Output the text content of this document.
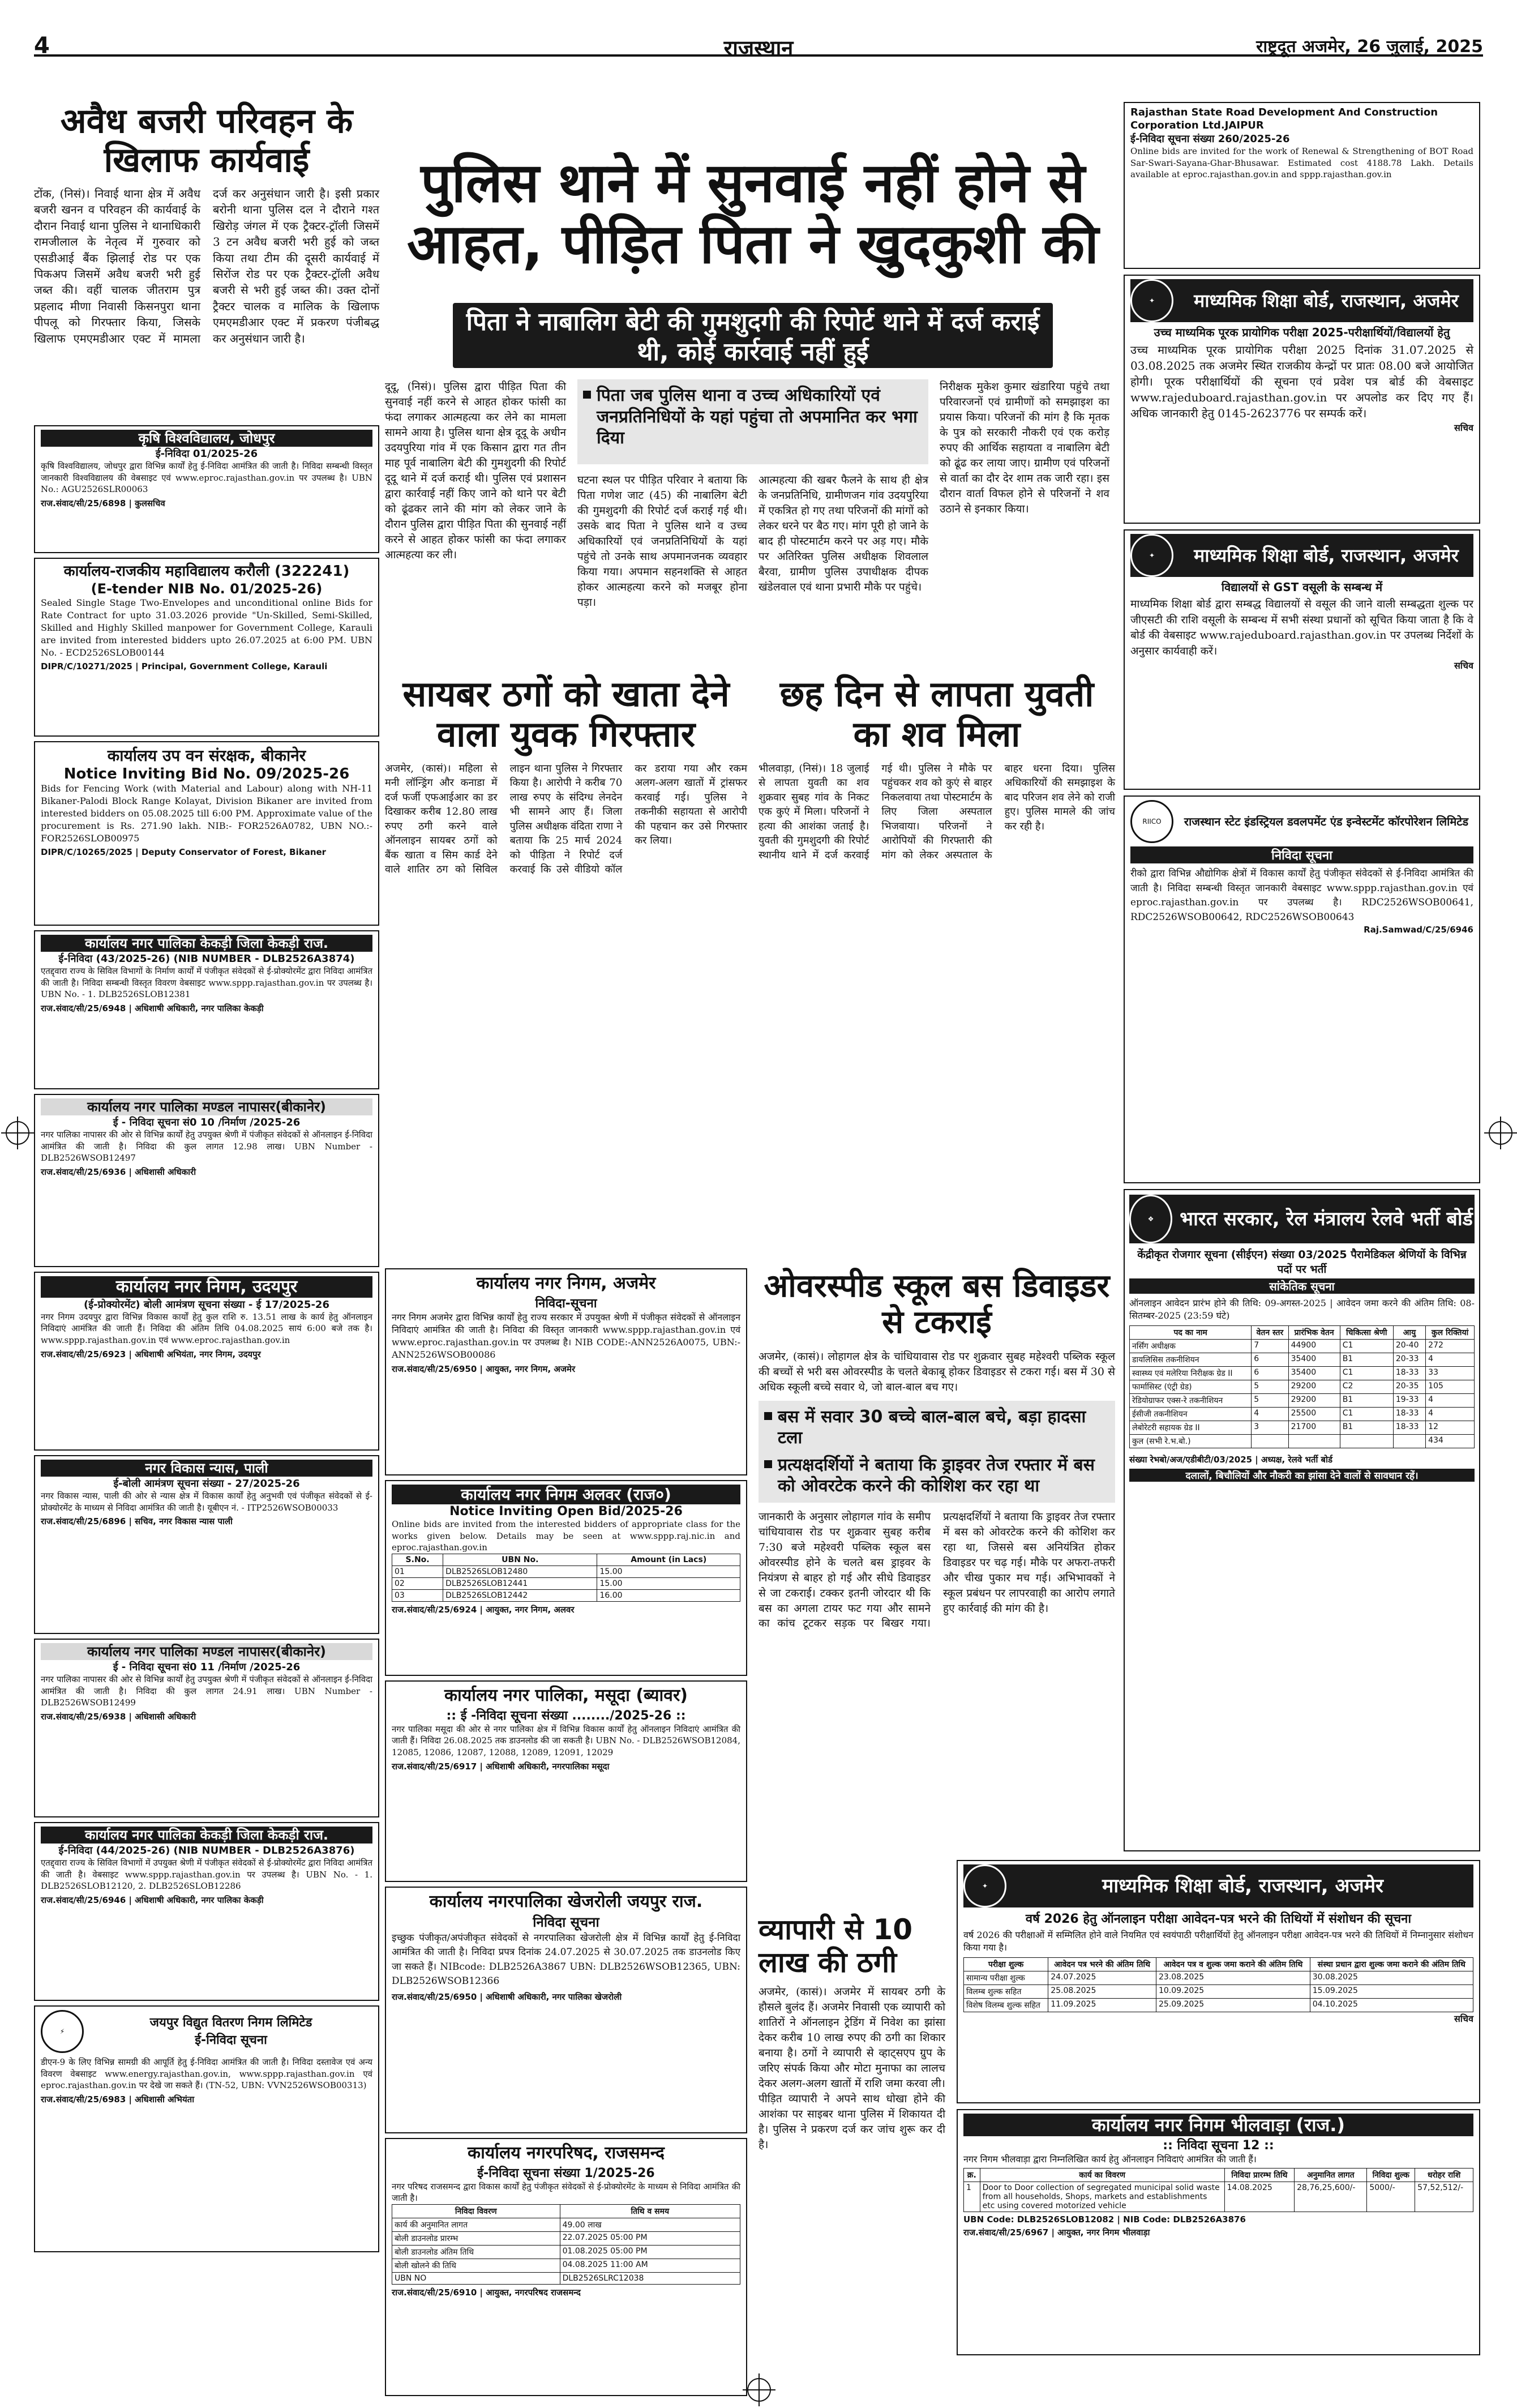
4	राजस्थान	राष्ट्रदूत अजमेर, 26 जुलाई, 2025
अवैध बजरी परिवहन के खिलाफ कार्यवाई
टोंक, (निसं)। निवाई थाना क्षेत्र में अवैध बजरी खनन व परिवहन की कार्यवाई के दौरान निवाई थाना पुलिस ने थानाधिकारी रामजीलाल के नेतृत्व में गुरुवार को एसडीआई बैंक झिलाई रोड पर एक पिकअप जिसमें अवैध बजरी भरी हुई जब्त की। वहीं चालक जीतराम पुत्र प्रहलाद मीणा निवासी किसनपुरा थाना पीपलू को गिरफ्तार किया, जिसके खिलाफ एमएमडीआर एक्ट में मामला दर्ज कर अनुसंधान जारी है। इसी प्रकार बरोनी थाना पुलिस दल ने दौराने गश्त खिरोड़ जंगल में एक ट्रैक्टर-ट्रॉली जिसमें 3 टन अवैध बजरी भरी हुई को जब्त किया तथा टीम की दूसरी कार्यवाई में सिरोंज रोड पर एक ट्रैक्टर-ट्रॉली अवैध बजरी से भरी हुई जब्त की। उक्त दोनों ट्रैक्टर चालक व मालिक के खिलाफ एमएमडीआर एक्ट में प्रकरण पंजीबद्ध कर अनुसंधान जारी है।
कृषि विश्वविद्यालय, जोधपुर
ई-निविदा 01/2025-26
कृषि विश्वविद्यालय, जोधपुर द्वारा विभिन्न कार्यों हेतु ई-निविदा आमंत्रित की जाती है। निविदा सम्बन्धी विस्तृत जानकारी विश्वविद्यालय की वेबसाइट एवं www.eproc.rajasthan.gov.in पर उपलब्ध है। UBN No.: AGU2526SLR00063
राज.संवाद/सी/25/6898 | कुलसचिव
कार्यालय-राजकीय महाविद्यालय करौली (322241)
(E-tender NIB No. 01/2025-26)
Sealed Single Stage Two-Envelopes and unconditional online Bids for Rate Contract for upto 31.03.2026 provide "Un-Skilled, Semi-Skilled, Skilled and Highly Skilled manpower for Government College, Karauli are invited from interested bidders upto 26.07.2025 at 6:00 PM. UBN No. - ECD2526SLOB00144
DIPR/C/10271/2025 | Principal, Government College, Karauli
कार्यालय उप वन संरक्षक, बीकानेर
Notice Inviting Bid No. 09/2025-26
Bids for Fencing Work (with Material and Labour) along with NH-11 Bikaner-Palodi Block Range Kolayat, Division Bikaner are invited from interested bidders on 05.08.2025 till 6:00 PM. Approximate value of the procurement is Rs. 271.90 lakh. NIB:- FOR2526A0782, UBN NO.:- FOR2526SLOB00975
DIPR/C/10265/2025 | Deputy Conservator of Forest, Bikaner
कार्यालय नगर पालिका केकड़ी जिला केकड़ी राज.
ई-निविदा (43/2025-26) (NIB NUMBER - DLB2526A3874)
एतद्द्वारा राज्य के सिविल विभागों के निर्माण कार्यों में पंजीकृत संवेदकों से ई-प्रोक्योरमेंट द्वारा निविदा आमंत्रित की जाती है। निविदा सम्बन्धी विस्तृत विवरण वेबसाइट www.sppp.rajasthan.gov.in पर उपलब्ध है। UBN No. - 1. DLB2526SLOB12381
राज.संवाद/सी/25/6948 | अधिशाषी अधिकारी, नगर पालिका केकड़ी
कार्यालय नगर पालिका मण्डल नापासर(बीकानेर)
ई - निविदा सूचना सं0 10 /निर्माण /2025-26
नगर पालिका नापासर की ओर से विभिन्न कार्यों हेतु उपयुक्त श्रेणी में पंजीकृत संवेदकों से ऑनलाइन ई-निविदा आमंत्रित की जाती है। निविदा की कुल लागत 12.98 लाख। UBN Number - DLB2526WSOB12497
राज.संवाद/सी/25/6936 | अधिशासी अधिकारी
कार्यालय नगर निगम, उदयपुर
(ई-प्रोक्योरमेंट) बोली आमंत्रण सूचना संख्या - ई 17/2025-26
नगर निगम उदयपुर द्वारा विभिन्न विकास कार्यों हेतु कुल राशि रु. 13.51 लाख के कार्य हेतु ऑनलाइन निविदाएं आमंत्रित की जाती हैं। निविदा की अंतिम तिथि 04.08.2025 सायं 6:00 बजे तक है। www.sppp.rajasthan.gov.in एवं www.eproc.rajasthan.gov.in
राज.संवाद/सी/25/6923 | अधिशाषी अभियंता, नगर निगम, उदयपुर
नगर विकास न्यास, पाली
ई-बोली आमंत्रण सूचना संख्या - 27/2025-26
नगर विकास न्यास, पाली की ओर से न्यास क्षेत्र में विकास कार्यों हेतु अनुभवी एवं पंजीकृत संवेदकों से ई-प्रोक्योरमेंट के माध्यम से निविदा आमंत्रित की जाती है। यूबीएन नं. - ITP2526WSOB00033
राज.संवाद/सी/25/6896 | सचिव, नगर विकास न्यास पाली
कार्यालय नगर पालिका मण्डल नापासर(बीकानेर)
ई - निविदा सूचना सं0 11 /निर्माण /2025-26
नगर पालिका नापासर की ओर से विभिन्न कार्यों हेतु उपयुक्त श्रेणी में पंजीकृत संवेदकों से ऑनलाइन ई-निविदा आमंत्रित की जाती है। निविदा की कुल लागत 24.91 लाख। UBN Number - DLB2526WSOB12499
राज.संवाद/सी/25/6938 | अधिशासी अधिकारी
कार्यालय नगर पालिका केकड़ी जिला केकड़ी राज.
ई-निविदा (44/2025-26) (NIB NUMBER - DLB2526A3876)
एतद्द्वारा राज्य के सिविल विभागों में उपयुक्त श्रेणी में पंजीकृत संवेदकों से ई-प्रोक्योरमेंट द्वारा निविदा आमंत्रित की जाती है। वेबसाइट www.sppp.rajasthan.gov.in पर उपलब्ध है। UBN No. - 1. DLB2526SLOB12120, 2. DLB2526SLOB12286
राज.संवाद/सी/25/6946 | अधिशाषी अधिकारी, नगर पालिका केकड़ी
⚡
जयपुर विद्युत वितरण निगम लिमिटेड
ई-निविदा सूचना
डीएन-9 के लिए विभिन्न सामग्री की आपूर्ति हेतु ई-निविदा आमंत्रित की जाती है। निविदा दस्तावेज एवं अन्य विवरण वेबसाइट www.energy.rajasthan.gov.in, www.sppp.rajasthan.gov.in एवं eproc.rajasthan.gov.in पर देखे जा सकते हैं। (TN-52, UBN: VVN2526WSOB00313)
राज.संवाद/सी/25/6983 | अधिशासी अभियंता
पुलिस थाने में सुनवाई नहीं होने से आहत, पीड़ित पिता ने खुदकुशी की
पिता ने नाबालिग बेटी की गुमशुदगी की रिपोर्ट थाने में दर्ज कराई थी, कोई कार्रवाई नहीं हुई
दूदू, (निसं)। पुलिस द्वारा पीड़ित पिता की सुनवाई नहीं करने से आहत होकर फांसी का फंदा लगाकर आत्महत्या कर लेने का मामला सामने आया है। पुलिस थाना क्षेत्र दूदू के अधीन उदयपुरिया गांव में एक किसान द्वारा गत तीन माह पूर्व नाबालिग बेटी की गुमशुदगी की रिपोर्ट दूदू थाने में दर्ज कराई थी। पुलिस एवं प्रशासन द्वारा कार्रवाई नहीं किए जाने को थाने पर बेटी को ढूंढकर लाने की मांग को लेकर जाने के दौरान पुलिस द्वारा पीड़ित पिता की सुनवाई नहीं करने से आहत होकर फांसी का फंदा लगाकर आत्महत्या कर ली।
पिता जब पुलिस थाना व उच्च अधिकारियों एवं जनप्रतिनिधियों के यहां पहुंचा तो अपमानित कर भगा दिया
घटना स्थल पर पीड़ित परिवार ने बताया कि पिता गणेश जाट (45) की नाबालिग बेटी की गुमशुदगी की रिपोर्ट दर्ज कराई गई थी। उसके बाद पिता ने पुलिस थाने व उच्च अधिकारियों एवं जनप्रतिनिधियों के यहां पहुंचे तो उनके साथ अपमानजनक व्यवहार किया गया। अपमान सहनशक्ति से आहत होकर आत्महत्या करने को मजबूर होना पड़ा।
आत्महत्या की खबर फैलने के साथ ही क्षेत्र के जनप्रतिनिधि, ग्रामीणजन गांव उदयपुरिया में एकत्रित हो गए तथा परिजनों की मांगों को लेकर धरने पर बैठ गए। मांग पूरी हो जाने के बाद ही पोस्टमार्टम करने पर अड़ गए। मौके पर अतिरिक्त पुलिस अधीक्षक शिवलाल बैरवा, ग्रामीण पुलिस उपाधीक्षक दीपक खंडेलवाल एवं थाना प्रभारी मौके पर पहुंचे।
निरीक्षक मुकेश कुमार खंडारिया पहुंचे तथा परिवारजनों एवं ग्रामीणों को समझाइश का प्रयास किया। परिजनों की मांग है कि मृतक के पुत्र को सरकारी नौकरी एवं एक करोड़ रुपए की आर्थिक सहायता व नाबालिग बेटी को ढूंढ कर लाया जाए। ग्रामीण एवं परिजनों से वार्ता का दौर देर शाम तक जारी रहा। इस दौरान वार्ता विफल होने से परिजनों ने शव उठाने से इनकार किया।
Rajasthan State Road Development And Construction Corporation Ltd.JAIPUR
ई-निविदा सूचना संख्या 260/2025-26
Online bids are invited for the work of Renewal & Strengthening of BOT Road Sar-Swari-Sayana-Ghar-Bhusawar. Estimated cost 4188.78 Lakh. Details available at eproc.rajasthan.gov.in and sppp.rajasthan.gov.in
✦	माध्यमिक शिक्षा बोर्ड, राजस्थान, अजमेर
उच्च माध्यमिक पूरक प्रायोगिक परीक्षा 2025-परीक्षार्थियों/विद्यालयों हेतु
उच्च माध्यमिक पूरक प्रायोगिक परीक्षा 2025 दिनांक 31.07.2025 से 03.08.2025 तक अजमेर स्थित राजकीय केन्द्रों पर प्रातः 08.00 बजे आयोजित होगी। पूरक परीक्षार्थियों की सूचना एवं प्रवेश पत्र बोर्ड की वेबसाइट www.rajeduboard.rajasthan.gov.in पर अपलोड कर दिए गए हैं। अधिक जानकारी हेतु 0145-2623776 पर सम्पर्क करें।
सचिव
✦	माध्यमिक शिक्षा बोर्ड, राजस्थान, अजमेर
विद्यालयों से GST वसूली के सम्बन्ध में
माध्यमिक शिक्षा बोर्ड द्वारा सम्बद्ध विद्यालयों से वसूल की जाने वाली सम्बद्धता शुल्क पर जीएसटी की राशि वसूली के सम्बन्ध में सभी संस्था प्रधानों को सूचित किया जाता है कि वे बोर्ड की वेबसाइट www.rajeduboard.rajasthan.gov.in पर उपलब्ध निर्देशों के अनुसार कार्यवाही करें।
सचिव
RIICO	राजस्थान स्टेट इंडस्ट्रियल डवलपमेंट एंड इन्वेस्टमेंट कॉरपोरेशन लिमिटेड
निविदा सूचना
रीको द्वारा विभिन्न औद्योगिक क्षेत्रों में विकास कार्यों हेतु पंजीकृत संवेदकों से ई-निविदा आमंत्रित की जाती है। निविदा सम्बन्धी विस्तृत जानकारी वेबसाइट www.sppp.rajasthan.gov.in एवं eproc.rajasthan.gov.in पर उपलब्ध है। RDC2526WSOB00641, RDC2526WSOB00642, RDC2526WSOB00643
Raj.Samwad/C/25/6946
सायबर ठगों को खाता देने वाला युवक गिरफ्तार
अजमेर, (कासं)। महिला से मनी लॉन्ड्रिंग और कनाडा में दर्ज फर्जी एफआईआर का डर दिखाकर करीब 12.80 लाख रुपए ठगी करने वाले ऑनलाइन सायबर ठगों को बैंक खाता व सिम कार्ड देने वाले शातिर ठग को सिविल लाइन थाना पुलिस ने गिरफ्तार किया है। आरोपी ने करीब 70 लाख रुपए के संदिग्ध लेनदेन भी सामने आए हैं। जिला पुलिस अधीक्षक वंदिता राणा ने बताया कि 25 मार्च 2024 को पीड़िता ने रिपोर्ट दर्ज करवाई कि उसे वीडियो कॉल कर डराया गया और रकम अलग-अलग खातों में ट्रांसफर करवाई गई। पुलिस ने तकनीकी सहायता से आरोपी की पहचान कर उसे गिरफ्तार कर लिया।
छह दिन से लापता युवती का शव मिला
भीलवाड़ा, (निसं)। 18 जुलाई से लापता युवती का शव शुक्रवार सुबह गांव के निकट एक कुएं में मिला। परिजनों ने हत्या की आशंका जताई है। युवती की गुमशुदगी की रिपोर्ट स्थानीय थाने में दर्ज करवाई गई थी। पुलिस ने मौके पर पहुंचकर शव को कुएं से बाहर निकलवाया तथा पोस्टमार्टम के लिए जिला अस्पताल भिजवाया। परिजनों ने आरोपियों की गिरफ्तारी की मांग को लेकर अस्पताल के बाहर धरना दिया। पुलिस अधिकारियों की समझाइश के बाद परिजन शव लेने को राजी हुए। पुलिस मामले की जांच कर रही है।
कार्यालय नगर निगम, अजमेर
निविदा-सूचना
नगर निगम अजमेर द्वारा विभिन्न कार्यों हेतु राज्य सरकार में उपयुक्त श्रेणी में पंजीकृत संवेदकों से ऑनलाइन निविदाएं आमंत्रित की जाती है। निविदा की विस्तृत जानकारी www.sppp.rajasthan.gov.in एवं www.eproc.rajasthan.gov.in पर उपलब्ध है। NIB CODE:-ANN2526A0075, UBN:-ANN2526WSOB00086
राज.संवाद/सी/25/6950 | आयुक्त, नगर निगम, अजमेर
कार्यालय नगर निगम अलवर (राज०)
Notice Inviting Open Bid/2025-26
Online bids are invited from the interested bidders of appropriate class for the works given below. Details may be seen at www.sppp.raj.nic.in and eproc.rajasthan.gov.in
S.No.	UBN No.	Amount (in Lacs)
01	DLB2526SLOB12480	15.00
02	DLB2526SLOB12441	15.00
03	DLB2526SLOB12442	16.00
राज.संवाद/सी/25/6924 | आयुक्त, नगर निगम, अलवर
कार्यालय नगर पालिका, मसूदा (ब्यावर)
:: ई -निविदा सूचना संख्या ......../2025-26 ::
नगर पालिका मसूदा की ओर से नगर पालिका क्षेत्र में विभिन्न विकास कार्यों हेतु ऑनलाइन निविदाएं आमंत्रित की जाती हैं। निविदा 26.08.2025 तक डाउनलोड की जा सकती है। UBN No. - DLB2526WSOB12084, 12085, 12086, 12087, 12088, 12089, 12091, 12029
राज.संवाद/सी/25/6917 | अधिशाषी अधिकारी, नगरपालिका मसूदा
कार्यालय नगरपालिका खेजरोली जयपुर राज.
निविदा सूचना
इच्छुक पंजीकृत/अपंजीकृत संवेदकों से नगरपालिका खेजरोली क्षेत्र में विभिन्न कार्यों हेतु ई-निविदा आमंत्रित की जाती है। निविदा प्रपत्र दिनांक 24.07.2025 से 30.07.2025 तक डाउनलोड किए जा सकते हैं। NIBcode: DLB2526A3867 UBN: DLB2526WSOB12365, UBN: DLB2526WSOB12366
राज.संवाद/सी/25/6950 | अधिशाषी अधिकारी, नगर पालिका खेजरोली
कार्यालय नगरपरिषद, राजसमन्द
ई-निविदा सूचना संख्या 1/2025-26
नगर परिषद राजसमन्द द्वारा विकास कार्यों हेतु पंजीकृत संवेदकों से ई-प्रोक्योरमेंट के माध्यम से निविदा आमंत्रित की जाती है।
निविदा विवरण	तिथि व समय
कार्य की अनुमानित लागत	49.00 लाख
बोली डाउनलोड प्रारम्भ	22.07.2025 05:00 PM
बोली डाउनलोड अंतिम तिथि	01.08.2025 05:00 PM
बोली खोलने की तिथि	04.08.2025 11:00 AM
UBN NO	DLB2526SLRC12038
राज.संवाद/सी/25/6910 | आयुक्त, नगरपरिषद राजसमन्द
ओवरस्पीड स्कूल बस डिवाइडर से टकराई
अजमेर, (कासं)। लोहागल क्षेत्र के चांधियावास रोड पर शुक्रवार सुबह महेश्वरी पब्लिक स्कूल की बच्चों से भरी बस ओवरस्पीड के चलते बेकाबू होकर डिवाइडर से टकरा गई। बस में 30 से अधिक स्कूली बच्चे सवार थे, जो बाल-बाल बच गए।
बस में सवार 30 बच्चे बाल-बाल बचे, बड़ा हादसा टला
प्रत्यक्षदर्शियों ने बताया कि ड्राइवर तेज रफ्तार में बस को ओवरटेक करने की कोशिश कर रहा था
जानकारी के अनुसार लोहागल गांव के समीप चांधियावास रोड पर शुक्रवार सुबह करीब 7:30 बजे महेश्वरी पब्लिक स्कूल बस ओवरस्पीड होने के चलते बस ड्राइवर के नियंत्रण से बाहर हो गई और सीधे डिवाइडर से जा टकराई। टक्कर इतनी जोरदार थी कि बस का अगला टायर फट गया और सामने का कांच टूटकर सड़क पर बिखर गया। प्रत्यक्षदर्शियों ने बताया कि ड्राइवर तेज रफ्तार में बस को ओवरटेक करने की कोशिश कर रहा था, जिससे बस अनियंत्रित होकर डिवाइडर पर चढ़ गई। मौके पर अफरा-तफरी और चीख पुकार मच गई। अभिभावकों ने स्कूल प्रबंधन पर लापरवाही का आरोप लगाते हुए कार्रवाई की मांग की है।
व्यापारी से 10 लाख की ठगी
अजमेर, (कासं)। अजमेर में सायबर ठगी के हौसले बुलंद हैं। अजमेर निवासी एक व्यापारी को शातिरों ने ऑनलाइन ट्रेडिंग में निवेश का झांसा देकर करीब 10 लाख रुपए की ठगी का शिकार बनाया है। ठगों ने व्यापारी से व्हाट्सएप ग्रुप के जरिए संपर्क किया और मोटा मुनाफा का लालच देकर अलग-अलग खातों में राशि जमा करवा ली। पीड़ित व्यापारी ने अपने साथ धोखा होने की आशंका पर साइबर थाना पुलिस में शिकायत दी है। पुलिस ने प्रकरण दर्ज कर जांच शुरू कर दी है।
❖	भारत सरकार, रेल मंत्रालय रेलवे भर्ती बोर्ड
केंद्रीकृत रोजगार सूचना (सीईएन) संख्या 03/2025 पैरामेडिकल श्रेणियों के विभिन्न पदों पर भर्ती
सांकेतिक सूचना
ऑनलाइन आवेदन प्रारंभ होने की तिथि: 09-अगस्त-2025 | आवेदन जमा करने की अंतिम तिथि: 08-सितम्बर-2025 (23:59 घंटे)
पद का नाम	वेतन स्तर	प्रारंभिक वेतन	चिकित्सा श्रेणी	आयु	कुल रिक्तियां
नर्सिंग अधीक्षक	7	44900	C1	20-40	272
डायलिसिस तकनीशियन	6	35400	B1	20-33	4
स्वास्थ्य एवं मलेरिया निरीक्षक ग्रेड II	6	35400	C1	18-33	33
फार्मासिस्ट (एंट्री ग्रेड)	5	29200	C2	20-35	105
रेडियोग्राफर एक्स-रे तकनीशियन	5	29200	B1	19-33	4
ईसीजी तकनीशियन	4	25500	C1	18-33	4
लेबोरेटरी सहायक ग्रेड II	3	21700	B1	18-33	12
कुल (सभी रे.भ.बो.)					434
संख्या रेभबो/अज/एडीबीटी/03/2025 | अध्यक्ष, रेलवे भर्ती बोर्ड
दलालों, बिचौलियों और नौकरी का झांसा देने वालों से सावधान रहें।
✦	माध्यमिक शिक्षा बोर्ड, राजस्थान, अजमेर
वर्ष 2026 हेतु ऑनलाइन परीक्षा आवेदन-पत्र भरने की तिथियों में संशोधन की सूचना
वर्ष 2026 की परीक्षाओं में सम्मिलित होने वाले नियमित एवं स्वयंपाठी परीक्षार्थियों हेतु ऑनलाइन परीक्षा आवेदन-पत्र भरने की तिथियों में निम्नानुसार संशोधन किया गया है।
परीक्षा शुल्क	आवेदन पत्र भरने की अंतिम तिथि	आवेदन पत्र व शुल्क जमा कराने की अंतिम तिथि	संस्था प्रधान द्वारा शुल्क जमा कराने की अंतिम तिथि
सामान्य परीक्षा शुल्क	24.07.2025	23.08.2025	30.08.2025
विलम्ब शुल्क सहित	25.08.2025	10.09.2025	15.09.2025
विशेष विलम्ब शुल्क सहित	11.09.2025	25.09.2025	04.10.2025
सचिव
कार्यालय नगर निगम भीलवाड़ा (राज.)
:: निविदा सूचना 12 ::
नगर निगम भीलवाड़ा द्वारा निम्नलिखित कार्य हेतु ऑनलाइन निविदाएं आमंत्रित की जाती हैं।
क्र.	कार्य का विवरण	निविदा प्रारम्भ तिथि	अनुमानित लागत	निविदा शुल्क	धरोहर राशि
1	Door to Door collection of segregated municipal solid waste from all households, Shops, markets and establishments etc using covered motorized vehicle	14.08.2025	28,76,25,600/-	5000/-	57,52,512/-
UBN Code: DLB2526SLOB12082 | NIB Code: DLB2526A3876
राज.संवाद/सी/25/6967 | आयुक्त, नगर निगम भीलवाड़ा
